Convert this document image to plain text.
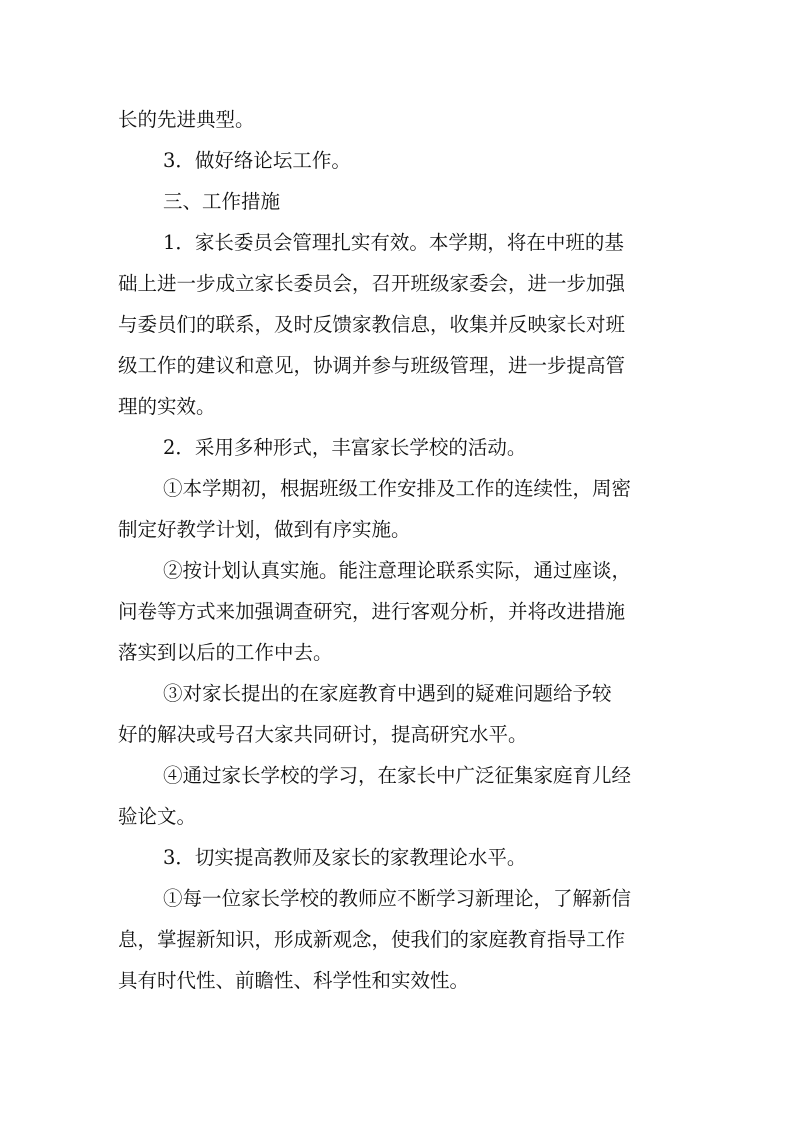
长的先进典型。
3．做好络论坛工作。
三、工作措施
1．家长委员会管理扎实有效。本学期，将在中班的基
础上进一步成立家长委员会，召开班级家委会，进一步加强
与委员们的联系，及时反馈家教信息，收集并反映家长对班
级工作的建议和意见，协调并参与班级管理，进一步提高管
理的实效。
2．采用多种形式，丰富家长学校的活动。
①本学期初，根据班级工作安排及工作的连续性，周密
制定好教学计划，做到有序实施。
②按计划认真实施。能注意理论联系实际，通过座谈，
问卷等方式来加强调查研究，进行客观分析，并将改进措施
落实到以后的工作中去。
③对家长提出的在家庭教育中遇到的疑难问题给予较
好的解决或号召大家共同研讨，提高研究水平。
④通过家长学校的学习，在家长中广泛征集家庭育儿经
验论文。
3．切实提高教师及家长的家教理论水平。
①每一位家长学校的教师应不断学习新理论，了解新信
息，掌握新知识，形成新观念，使我们的家庭教育指导工作
具有时代性、前瞻性、科学性和实效性。
